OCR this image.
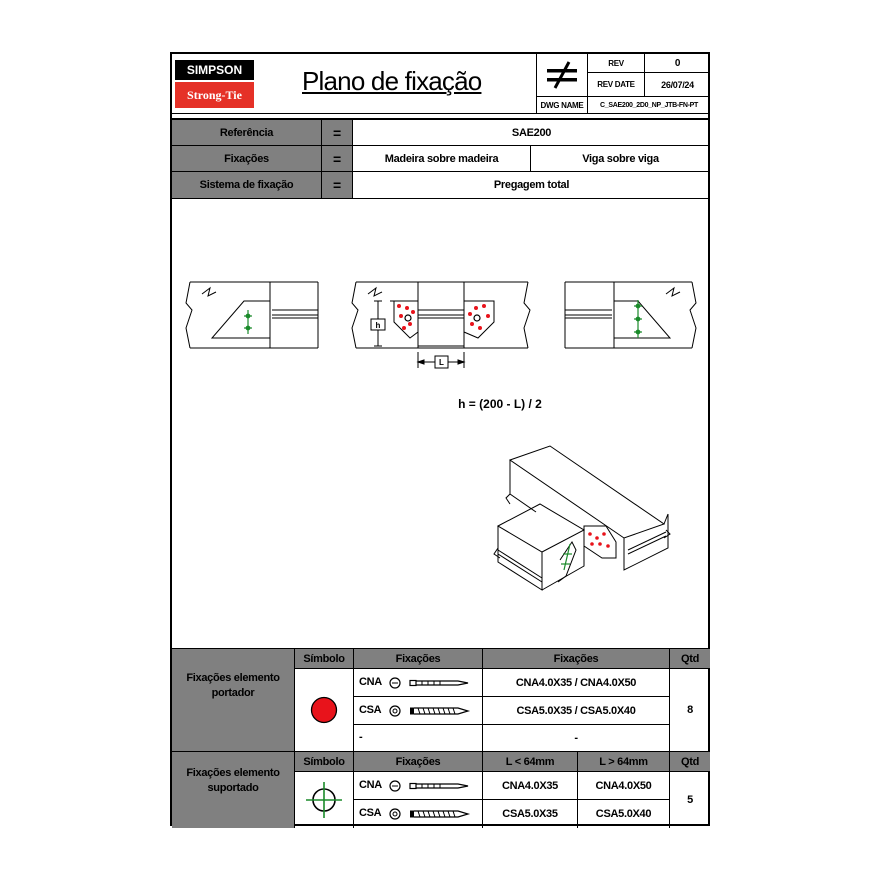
SIMPSON
Strong-Tie	Plano de fixação
DWG NAME
REV	0
REV DATE	26/07/24
C_SAE200_2D0_NP_JTB-FN-PT
Referência	=	SAE200
Fixações	=	Madeira sobre madeira	Viga sobre viga
Sistema de fixação	=	Pregagem total
h
L
h = (200 - L) / 2
Fixações elemento portador
Símbolo	Fixações	Fixações	Qtd
CNA	CNA4.0X35 / CNA4.0X50
CSA	CSA5.0X35 / CSA5.0X40
-	-
8
Fixações elemento suportado
Símbolo	Fixações	L < 64mm	L > 64mm	Qtd
CNA	CNA4.0X35	CNA4.0X50
CSA	CSA5.0X35	CSA5.0X40
5
